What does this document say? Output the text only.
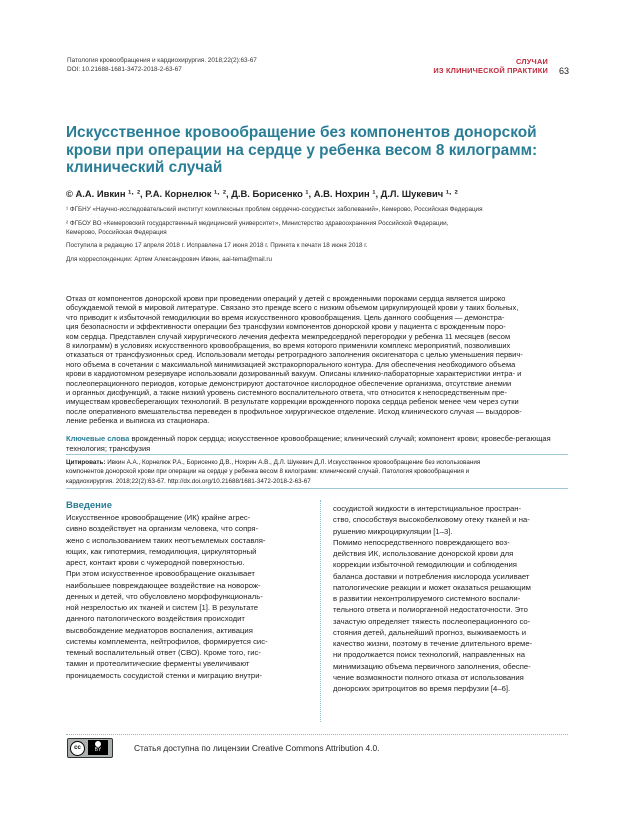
Патология кровообращения и кардиохирургия. 2018;22(2):63-67
DOI: 10.21688-1681-3472-2018-2-63-67
СЛУЧАИ
ИЗ КЛИНИЧЕСКОЙ ПРАКТИКИ 63
Искусственное кровообращение без компонентов донорской крови при операции на сердце у ребенка весом 8 килограмм: клинический случай
© А.А. Ивкин ¹· ², Р.А. Корнелюк ¹· ², Д.В. Борисенко ¹, А.В. Нохрин ¹, Д.Л. Шукевич ¹· ²
¹ ФГБНУ «Научно-исследовательский институт комплексных проблем сердечно-сосудистых заболеваний», Кемерово, Российская Федерация
² ФГБОУ ВО «Кемеровский государственный медицинский университет», Министерство здравоохранения Российской Федерации,
Кемерово, Российская Федерация
Поступила в редакцию 17 апреля 2018 г. Исправлена 17 июня 2018 г. Принята к печати 18 июня 2018 г.
Для корреспонденции: Артем Александрович Ивкин, aai-tema@mail.ru
Отказ от компонентов донорской крови при проведении операций у детей с врожденными пороками сердца является широко
обсуждаемой темой в мировой литературе. Связано это прежде всего с низким объемом циркулирующей крови у таких больных,
что приводит к избыточной гемодилюции во время искусственного кровообращения. Цель данного сообщения — демонстра-
ция безопасности и эффективности операции без трансфузии компонентов донорской крови у пациента с врожденным поро-
ком сердца. Представлен случай хирургического лечения дефекта межпредсердной перегородки у ребенка 11 месяцев (весом
8 килограмм) в условиях искусственного кровообращения, во время которого применили комплекс мероприятий, позволивших
отказаться от трансфузионных сред. Использовали методы ретроградного заполнения оксигенатора с целью уменьшения первич-
ного объема в сочетании с максимальной минимизацией экстракорпорального контура. Для обеспечения необходимого объема
крови в кардиотомном резервуаре использовали дозированный вакуум. Описаны клинико-лабораторные характеристики интра- и
послеоперационного периодов, которые демонстрируют достаточное кислородное обеспечение организма, отсутствие анемии
и органных дисфункций, а также низкий уровень системного воспалительного ответа, что относится к непосредственным пре-
имуществам кровесберегающих технологий. В результате коррекции врожденного порока сердца ребенок менее чем через сутки
после оперативного вмешательства переведен в профильное хирургическое отделение. Исход клинического случая — выздоров-
ление ребенка и выписка из стационара.
Ключевые слова врожденный порок сердца; искусственное кровообращение; клинический случай; компонент крови; кровесбе-регающая технология; трансфузия
Цитировать: Ивкин А.А., Корнелюк Р.А., Борисенко Д.В., Нохрин А.В., Д.Л. Шукевич Д.Л. Искусственное кровообращение без использования
компонентов донорской крови при операции на сердце у ребенка весом 8 килограмм: клинический случай. Патология кровообращения и
кардиохирургия. 2018;22(2):63-67. http://dx.doi.org/10.21688/1681-3472-2018-2-63-67
Введение
Искусственное кровообращение (ИК) крайне агрес-
сивно воздействует на организм человека, что сопря-
жено с использованием таких неотъемлемых составля-
ющих, как гипотермия, гемодилюция, циркуляторный
арест, контакт крови с чужеродной поверхностью.
При этом искусственное кровообращение оказывает
наибольшее повреждающее воздействие на новорож-
денных и детей, что обусловлено морфофункциональ-
ной незрелостью их тканей и систем [1]. В результате
данного патологического воздействия происходит
высвобождение медиаторов воспаления, активация
системы комплемента, нейтрофилов, формируется сис-
темный воспалительный ответ (СВО). Кроме того, гис-
тамин и протеолитические ферменты увеличивают
проницаемость сосудистой стенки и миграцию внутри-
сосудистой жидкости в интерстициальное простран-
ство, способствуя высокобелковому отеку тканей и на-
рушению микроциркуляции [1–3].
Помимо непосредственного повреждающего воз-
действия ИК, использование донорской крови для
коррекции избыточной гемодилюции и соблюдения
баланса доставки и потребления кислорода усиливает
патологические реакции и может оказаться решающим
в развитии неконтролируемого системного воспали-
тельного ответа и полиорганной недостаточности. Это
зачастую определяет тяжесть послеоперационного со-
стояния детей, дальнейший прогноз, выживаемость и
качество жизни, поэтому в течение длительного време-
ни продолжается поиск технологий, направленных на
минимизацию объема первичного заполнения, обеспе-
чение возможности полного отказа от использования
донорских эритроцитов во время перфузии [4–6].
cc	BY	Статья доступна по лицензии Creative Commons Attribution 4.0.
